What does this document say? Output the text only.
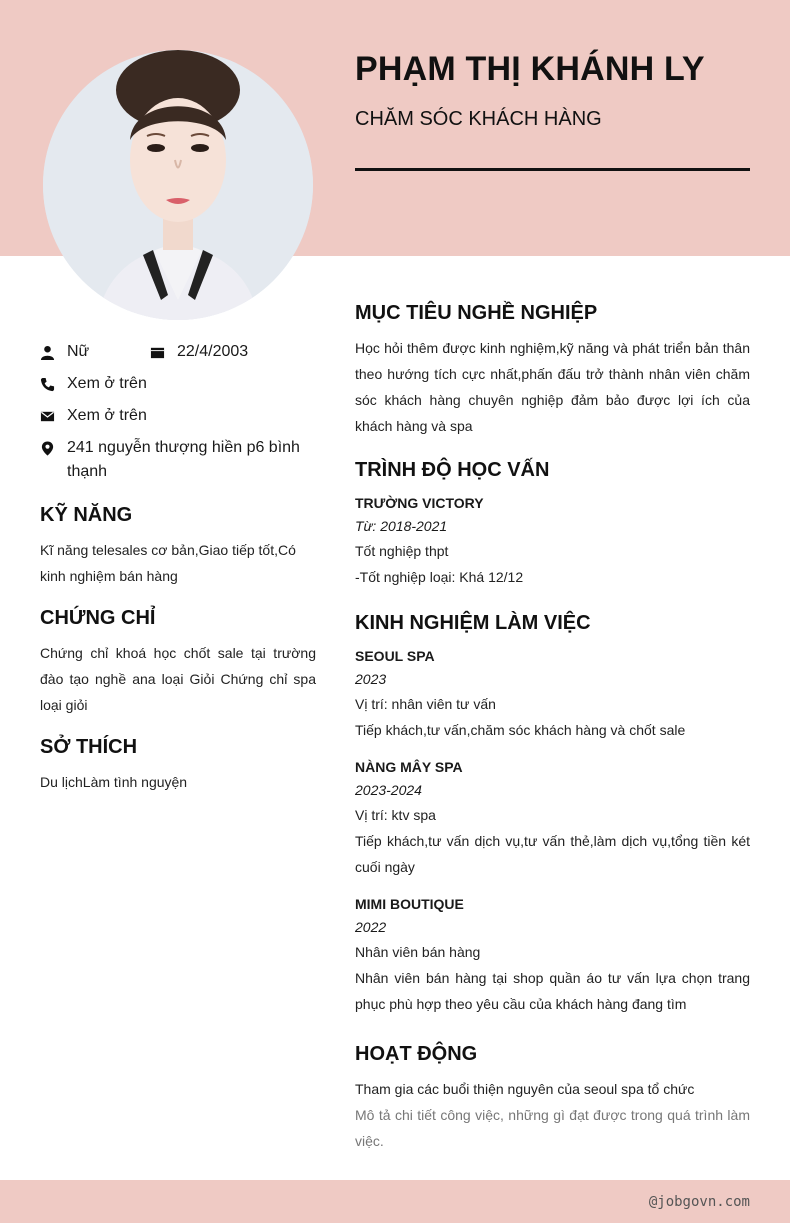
PHẠM THỊ KHÁNH LY
CHĂM SÓC KHÁCH HÀNG
Nữ	22/4/2003
Xem ở trên
Xem ở trên
241 nguyễn thượng hiền p6 bình thạnh
KỸ NĂNG
Kĩ năng telesales cơ bản,Giao tiếp tốt,Có kinh nghiệm bán hàng
CHỨNG CHỈ
Chứng chỉ khoá học chốt sale tại trường đào tạo nghề ana loại Giỏi Chứng chỉ spa loại giỏi
SỞ THÍCH
Du lịchLàm tình nguyện
MỤC TIÊU NGHỀ NGHIỆP
Học hỏi thêm được kinh nghiệm,kỹ năng và phát triển bản thân theo hướng tích cực nhất,phấn đấu trở thành nhân viên chăm sóc khách hàng chuyên nghiệp đảm bảo được lợi ích của khách hàng và spa
TRÌNH ĐỘ HỌC VẤN
TRƯỜNG VICTORY
Từ: 2018-2021
Tốt nghiệp thpt
-Tốt nghiệp loại: Khá 12/12
KINH NGHIỆM LÀM VIỆC
SEOUL SPA
2023
Vị trí: nhân viên tư vấn
Tiếp khách,tư vấn,chăm sóc khách hàng và chốt sale
NÀNG MÂY SPA
2023-2024
Vị trí: ktv spa
Tiếp khách,tư vấn dịch vụ,tư vấn thẻ,làm dịch vụ,tổng tiền két cuối ngày
MIMI BOUTIQUE
2022
Nhân viên bán hàng
Nhân viên bán hàng tại shop quần áo tư vấn lựa chọn trang phục phù hợp theo yêu cầu của khách hàng đang tìm
HOẠT ĐỘNG
Tham gia các buổi thiện nguyên của seoul spa tổ chức
Mô tả chi tiết công việc, những gì đạt được trong quá trình làm việc.
@jobgovn.com
